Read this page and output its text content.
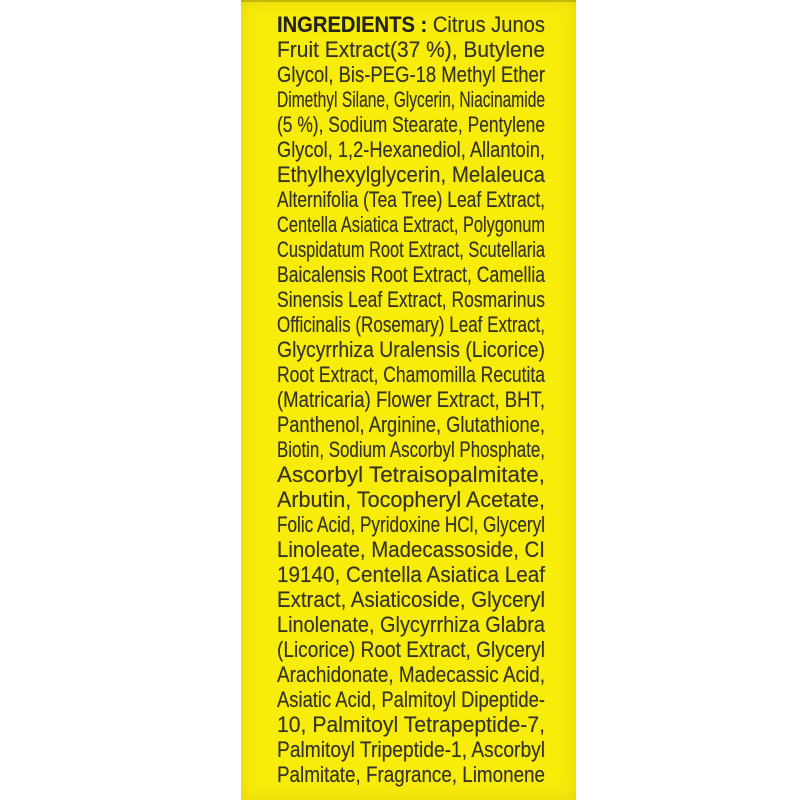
INGREDIENTS : Citrus Junos
Fruit Extract(37 %), Butylene
Glycol, Bis-PEG-18 Methyl Ether
Dimethyl Silane, Glycerin, Niacinamide
(5 %), Sodium Stearate, Pentylene
Glycol, 1,2-Hexanediol, Allantoin,
Ethylhexylglycerin, Melaleuca
Alternifolia (Tea Tree) Leaf Extract,
Centella Asiatica Extract, Polygonum
Cuspidatum Root Extract, Scutellaria
Baicalensis Root Extract, Camellia
Sinensis Leaf Extract, Rosmarinus
Officinalis (Rosemary) Leaf Extract,
Glycyrrhiza Uralensis (Licorice)
Root Extract, Chamomilla Recutita
(Matricaria) Flower Extract, BHT,
Panthenol, Arginine, Glutathione,
Biotin, Sodium Ascorbyl Phosphate,
Ascorbyl Tetraisopalmitate,
Arbutin, Tocopheryl Acetate,
Folic Acid, Pyridoxine HCl, Glyceryl
Linoleate, Madecassoside, CI
19140, Centella Asiatica Leaf
Extract, Asiaticoside, Glyceryl
Linolenate, Glycyrrhiza Glabra
(Licorice) Root Extract, Glyceryl
Arachidonate, Madecassic Acid,
Asiatic Acid, Palmitoyl Dipeptide-
10, Palmitoyl Tetrapeptide-7,
Palmitoyl Tripeptide-1, Ascorbyl
Palmitate, Fragrance, Limonene
